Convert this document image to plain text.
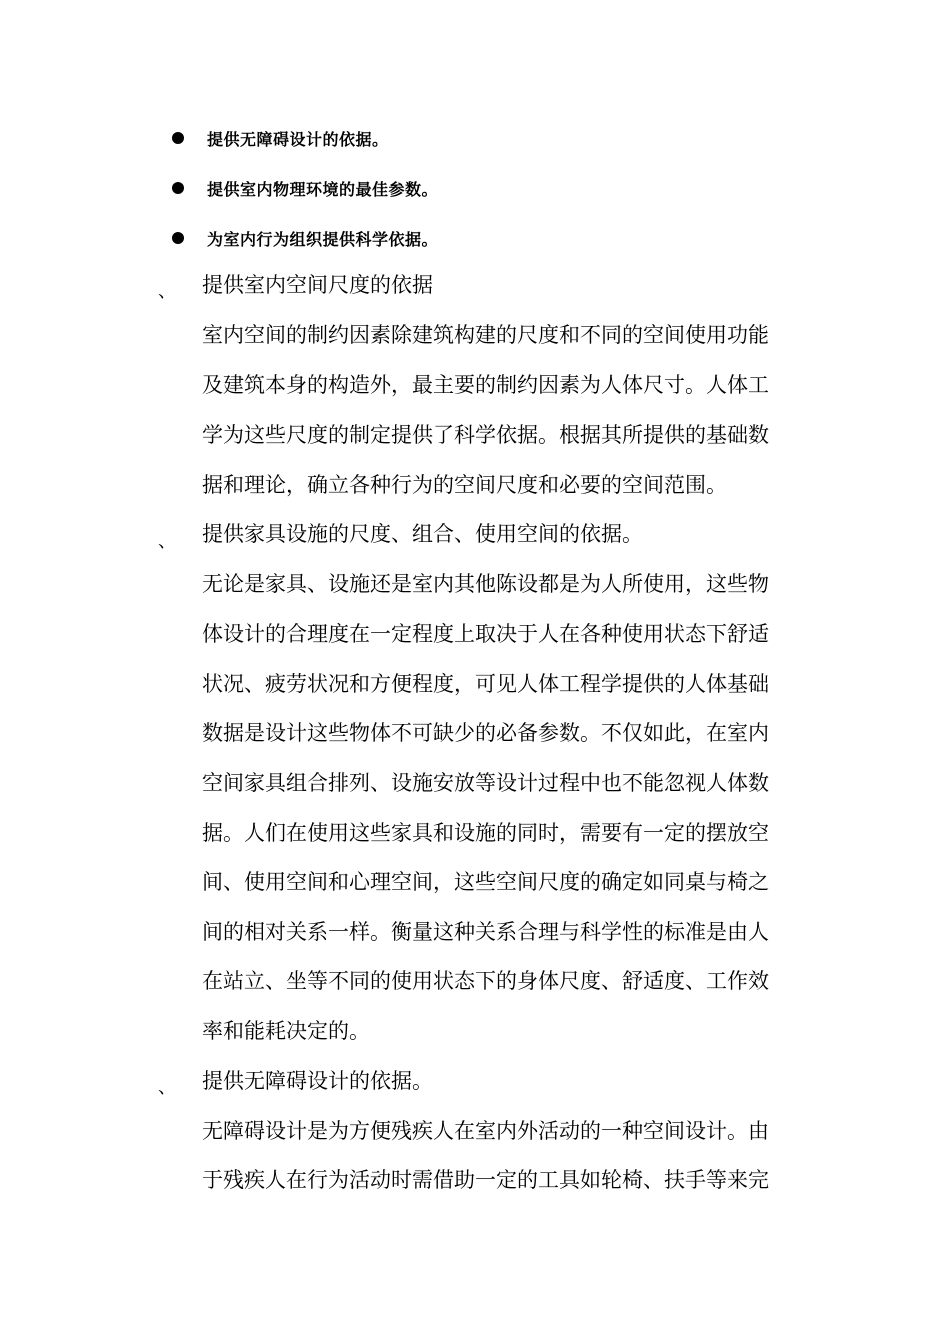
提供无障碍设计的依据。
提供室内物理环境的最佳参数。
为室内行为组织提供科学依据。
、 提供室内空间尺度的依据
室内空间的制约因素除建筑构建的尺度和不同的空间使用功能
及建筑本身的构造外，最主要的制约因素为人体尺寸。人体工
学为这些尺度的制定提供了科学依据。根据其所提供的基础数
据和理论，确立各种行为的空间尺度和必要的空间范围。
、 提供家具设施的尺度、组合、使用空间的依据。
无论是家具、设施还是室内其他陈设都是为人所使用，这些物
体设计的合理度在一定程度上取决于人在各种使用状态下舒适
状况、疲劳状况和方便程度，可见人体工程学提供的人体基础
数据是设计这些物体不可缺少的必备参数。不仅如此，在室内
空间家具组合排列、设施安放等设计过程中也不能忽视人体数
据。人们在使用这些家具和设施的同时，需要有一定的摆放空
间、使用空间和心理空间，这些空间尺度的确定如同桌与椅之
间的相对关系一样。衡量这种关系合理与科学性的标准是由人
在站立、坐等不同的使用状态下的身体尺度、舒适度、工作效
率和能耗决定的。
、 提供无障碍设计的依据。
无障碍设计是为方便残疾人在室内外活动的一种空间设计。由
于残疾人在行为活动时需借助一定的工具如轮椅、扶手等来完
